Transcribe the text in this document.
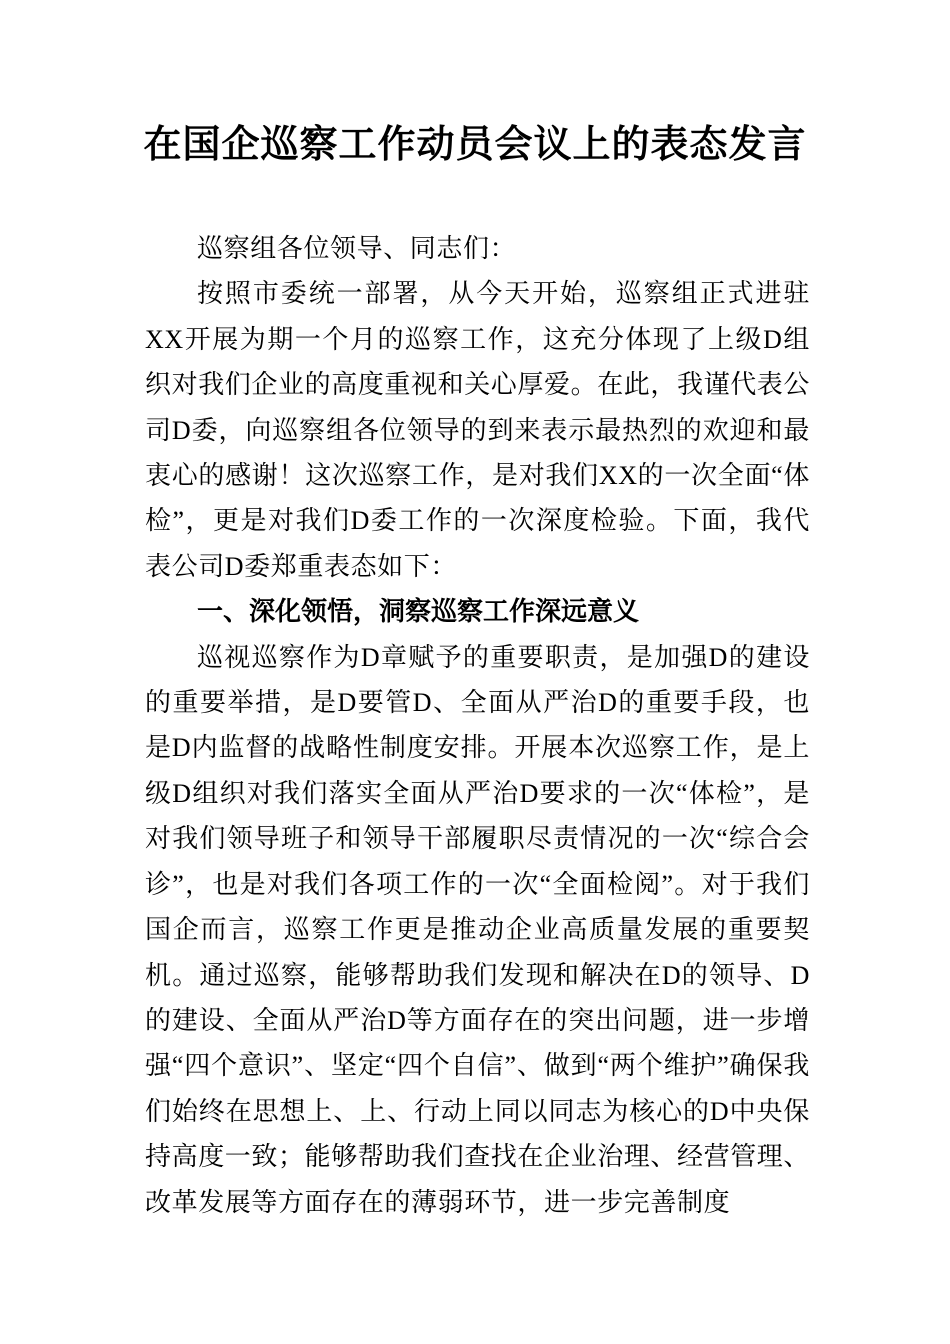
在国企巡察工作动员会议上的表态发言

巡察组各位领导、同志们：

按照市委统一部署，从今天开始，巡察组正式进驻XX开展为期一个月的巡察工作，这充分体现了上级D组织对我们企业的高度重视和关心厚爱。在此，我谨代表公司D委，向巡察组各位领导的到来表示最热烈的欢迎和最衷心的感谢！这次巡察工作，是对我们XX的一次全面“体检”，更是对我们D委工作的一次深度检验。下面，我代表公司D委郑重表态如下：

一、深化领悟，洞察巡察工作深远意义

巡视巡察作为D章赋予的重要职责，是加强D的建设的重要举措，是D要管D、全面从严治D的重要手段，也是D内监督的战略性制度安排。开展本次巡察工作，是上级D组织对我们落实全面从严治D要求的一次“体检”，是对我们领导班子和领导干部履职尽责情况的一次“综合会诊”，也是对我们各项工作的一次“全面检阅”。对于我们国企而言，巡察工作更是推动企业高质量发展的重要契机。通过巡察，能够帮助我们发现和解决在D的领导、D的建设、全面从严治D等方面存在的突出问题，进一步增强“四个意识”、坚定“四个自信”、做到“两个维护”确保我们始终在思想上、上、行动上同以同志为核心的D中央保持高度一致；能够帮助我们查找在企业治理、经营管理、改革发展等方面存在的薄弱环节，进一步完善制度
